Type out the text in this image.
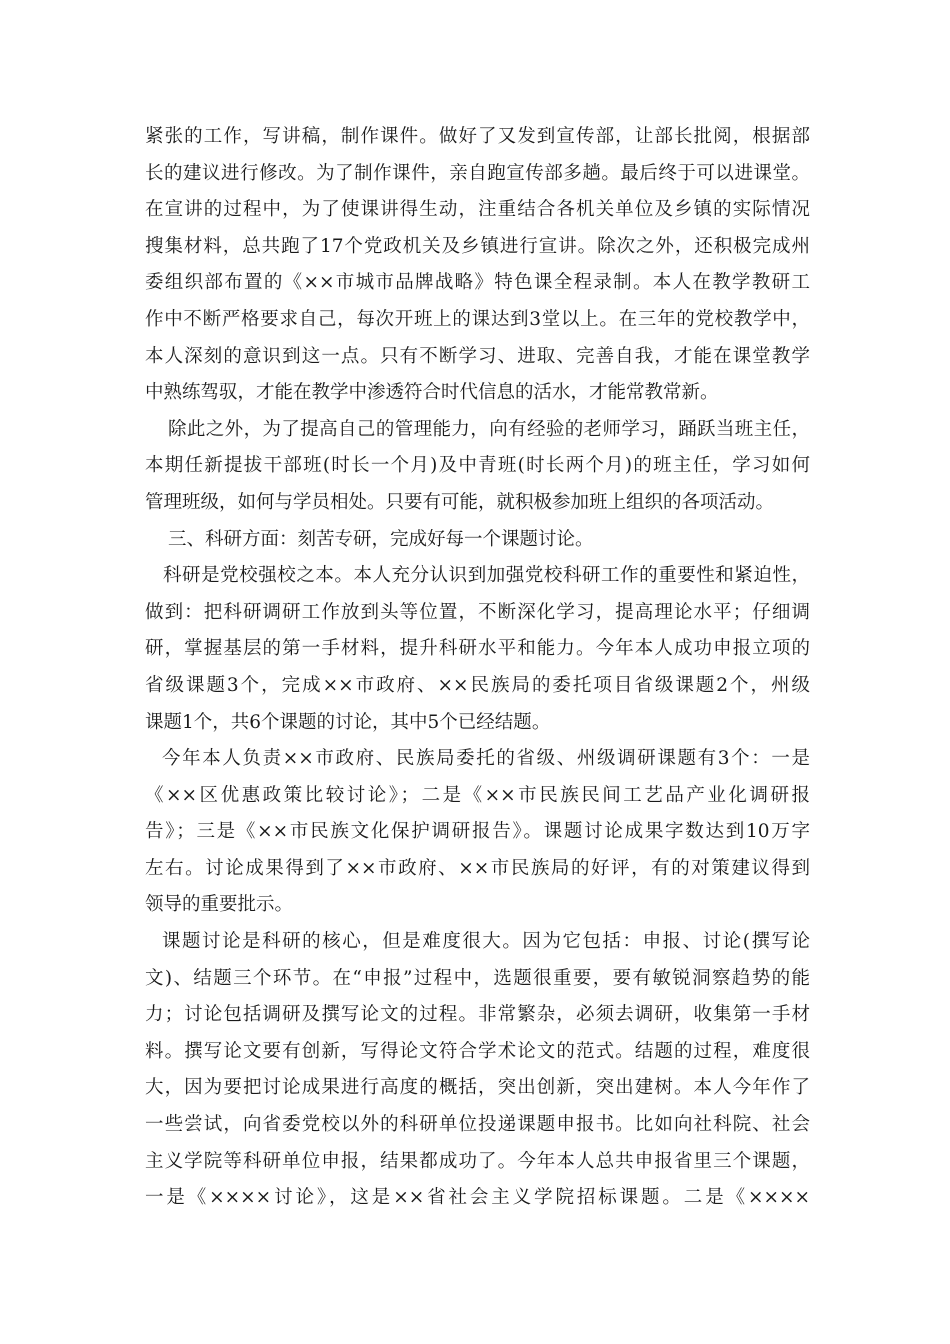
紧张的工作，写讲稿，制作课件。做好了又发到宣传部，让部长批阅，根据部
长的建议进行修改。为了制作课件，亲自跑宣传部多趟。最后终于可以进课堂。
在宣讲的过程中，为了使课讲得生动，注重结合各机关单位及乡镇的实际情况
搜集材料，总共跑了17个党政机关及乡镇进行宣讲。除次之外，还积极完成州
委组织部布置的《××市城市品牌战略》特色课全程录制。本人在教学教研工
作中不断严格要求自己，每次开班上的课达到3堂以上。在三年的党校教学中，
本人深刻的意识到这一点。只有不断学习、进取、完善自我，才能在课堂教学
中熟练驾驭，才能在教学中渗透符合时代信息的活水，才能常教常新。
除此之外，为了提高自己的管理能力，向有经验的老师学习，踊跃当班主任，
本期任新提拔干部班(时长一个月)及中青班(时长两个月)的班主任，学习如何
管理班级，如何与学员相处。只要有可能，就积极参加班上组织的各项活动。
三、科研方面：刻苦专研，完成好每一个课题讨论。
科研是党校强校之本。本人充分认识到加强党校科研工作的重要性和紧迫性，
做到：把科研调研工作放到头等位置，不断深化学习，提高理论水平；仔细调
研，掌握基层的第一手材料，提升科研水平和能力。今年本人成功申报立项的
省级课题3个，完成××市政府、××民族局的委托项目省级课题2个，州级
课题1个，共6个课题的讨论，其中5个已经结题。
今年本人负责××市政府、民族局委托的省级、州级调研课题有3个：一是
《××区优惠政策比较讨论》；二是《××市民族民间工艺品产业化调研报
告》；三是《××市民族文化保护调研报告》。课题讨论成果字数达到10万字
左右。讨论成果得到了××市政府、××市民族局的好评，有的对策建议得到
领导的重要批示。
课题讨论是科研的核心，但是难度很大。因为它包括：申报、讨论(撰写论
文)、结题三个环节。在“申报”过程中，选题很重要，要有敏锐洞察趋势的能
力；讨论包括调研及撰写论文的过程。非常繁杂，必须去调研，收集第一手材
料。撰写论文要有创新，写得论文符合学术论文的范式。结题的过程，难度很
大，因为要把讨论成果进行高度的概括，突出创新，突出建树。本人今年作了
一些尝试，向省委党校以外的科研单位投递课题申报书。比如向社科院、社会
主义学院等科研单位申报，结果都成功了。今年本人总共申报省里三个课题，
一是《××××讨论》，这是××省社会主义学院招标课题。二是《××××
